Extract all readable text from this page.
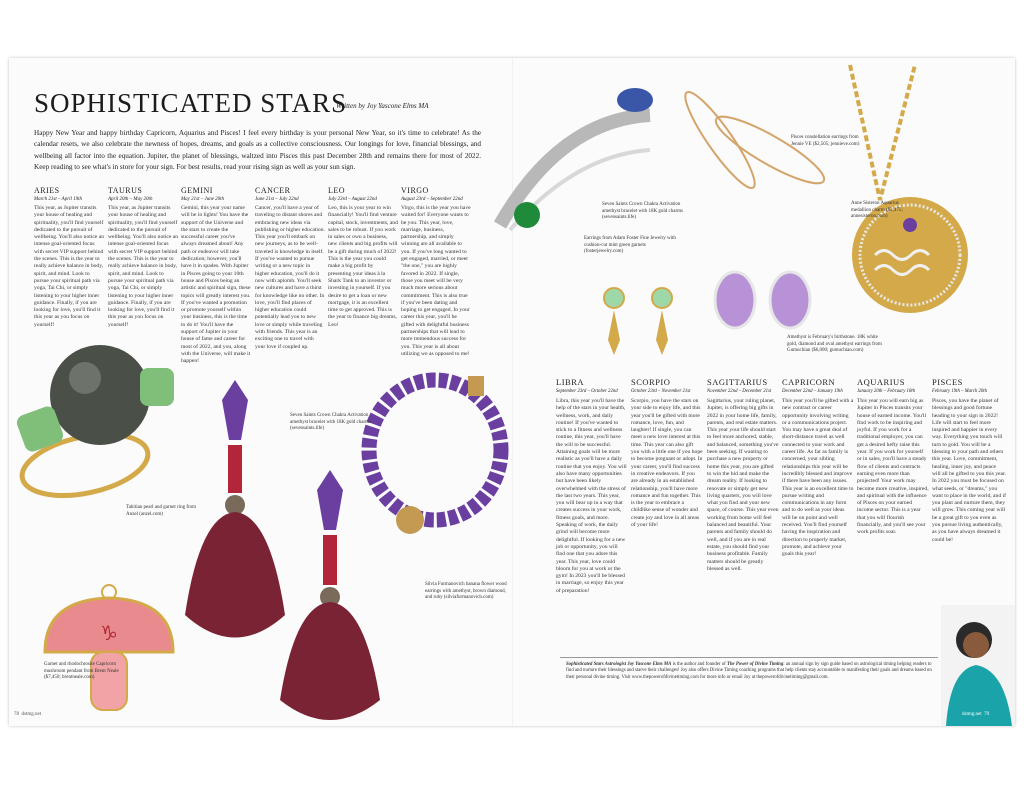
SOPHISTICATED STARS
Written by Joy Yascone Elms MA

Happy New Year and happy birthday Capricorn, Aquarius and Pisces! I feel every birthday is your personal New Year, so it's time to celebrate! As the calendar resets, we also celebrate the newness of hopes, dreams, and goals as a collective consciousness. Our longings for love, financial blessings, and wellbeing all factor into the equation. Jupiter, the planet of blessings, waltzed into Pisces this past December 28th and remains there for most of 2022. Keep reading to see what's in store for your sign. For best results, read your rising sign as well as your sun sign.

ARIES
March 21st – April 19th

This year, as Jupiter transits your house of healing and spirituality, you'll find yourself dedicated to the pursuit of wellbeing. You'll also notice an intense goal-oriented focus with secret VIP support behind the scenes. This is the year to really achieve balance in body, spirit, and mind. Look to pursue your spiritual path via yoga, Tai Chi, or simply listening to your higher inner guidance. Finally, if you are looking for love, you'll find it this year as you focus on yourself!

TAURUS
April 20th – May 20th

This year, as Jupiter transits your house of healing and spirituality, you'll find yourself dedicated to the pursuit of wellbeing. You'll also notice an intense goal-oriented focus with secret VIP support behind the scenes. This is the year to really achieve balance in body, spirit, and mind. Look to pursue your spiritual path via yoga, Tai Chi, or simply listening to your higher inner guidance. Finally, if you are looking for love, you'll find it this year as you focus on yourself!

GEMINI
May 21st – June 20th

Gemini, this year your name will be in lights! You have the support of the Universe and the stars to create the successful career you've always dreamed about! Any path or endeavor will take dedication; however, you'll have it in spades. With Jupiter in Pisces going to your 10th house and Pisces being an artistic and spiritual sign, these topics will greatly interest you. If you've wanted a promotion or promote yourself within your business, this is the time to do it! You'll have the support of Jupiter in your house of fame and career for most of 2022, and you, along with the Universe, will make it happen!

CANCER
June 21st – July 22nd

Cancer, you'll have a year of traveling to distant shores and embracing new ideas via publishing or higher education. This year you'll embark on new journeys, as to be well-traveled is knowledge in itself. If you've wanted to pursue writing or a new topic in higher education, you'll do it now with aplomb. You'll seek new cultures and have a thirst for knowledge like no other. In love, you'll find places of higher education could potentially lead you to new love or simply while traveling with friends. This year is an exciting one to travel with your love if coupled up.

LEO
July 23rd – August 22nd

Leo, this is your year to win financially! You'll find venture capital, stock, investments, and sales to be robust. If you work in sales or own a business, new clients and big profits will be a gift during much of 2022! This is the year you could make a big profit by presenting your ideas à la Shark Tank to an investor or investing in yourself. If you desire to get a loan or new mortgage, it is an excellent time to get approved. This is the year to finance big dreams, Leo!

VIRGO
August 23rd – September 22nd

Virgo, this is the year you have waited for! Everyone wants to be you. This year, love, marriage, business, partnership, and simply winning are all available to you. If you've long wanted to get engaged, married, or meet "the one," you are highly favored in 2022. If single, those you meet will be very much more serious about commitment. This is also true if you've been dating and hoping to get engaged. In your career this year, you'll be gifted with delightful business partnerships that will lead to more tremendous success for you. This year is all about utilizing we as opposed to me!

♑
Seven Saints Crown Chakra Activation amethyst bracelet with 18K gold charms (sevensaints.life)
Earrings from Adam Foster Fine Jewelry with cushion-cut mint green garnets (fosterjewelry.com)
Pisces constellation earrings from Jennie VE ($2,505; jennieve.com)
Anne Sisteron Aquarius medallion charm ($2,475; annesisteron.com)
Amethyst is February's birthstone. 18K white gold, diamond and oval amethyst earrings from Gumuchian ($6,000; gumuchian.com)
Tahitian pearl and garnet ring from Anzel (anzel.com)
Seven Saints Crown Chakra Activation amethyst bracelet with 18K gold charms (sevensaints.life)
Silvia Furmanovich banana flower wood earrings with amethyst, brown diamond, and ruby (silviafurmanovich.com)
Garnet and rhodochrosite Capricorn mushroom pendant from Brent Neale ($7,450; brentneale.com)
LIBRA
September 23rd – October 22nd

Libra, this year you'll have the help of the stars in your health, wellness, work, and daily routine! If you've wanted to stick to a fitness and wellness routine, this year, you'll have the will to be successful. Attaining goals will be more realistic as you'll have a daily routine that you enjoy. You will also have many opportunities but have been likely overwhelmed with the stress of the last two years. This year, you will bear up in a way that creates success in your work, fitness goals, and more. Speaking of work, the daily grind will become more delightful. If looking for a new job or opportunity, you will find one that you adore this year. This year, love could bloom for you at work or the gym! In 2023 you'll be blessed in marriage, so enjoy this year of preparation!

SCORPIO
October 23rd – November 21st

Scorpio, you have the stars on your side to enjoy life, and this year you'll be gifted with more romance, love, fun, and laughter! If single, you can meet a new love interest at this time. This year can also gift you with a little one if you hope to become pregnant or adopt. In your career, you'll find success in creative endeavors. If you are already in an established relationship, you'll have more romance and fun together. This is the year to embrace a childlike sense of wonder and create joy and love in all areas of your life!

SAGITTARIUS
November 22nd – December 21st

Sagittarius, your ruling planet, Jupiter, is offering big gifts in 2022 in your home life, family, parents, and real estate matters. This year your life should start to feel more anchored, stable, and balanced, something you've been seeking. If wanting to purchase a new property or home this year, you are gifted to win the bid and make the dream reality. If looking to renovate or simply get new living quarters, you will love what you find and your new space, of course. This year even working from home will feel balanced and beautiful. Your parents and family should do well, and if you are in real estate, you should find your business profitable. Family matters should be greatly blessed as well.

CAPRICORN
December 22nd – January 19th

This year you'll be gifted with a new contract or career opportunity involving writing or a communications project. You may have a great deal of short-distance travel as well connected to your work and career life. As far as family is concerned, your sibling relationships this year will be incredibly blessed and improve if there have been any issues. This year is an excellent time to pursue writing and communications in any form and to do well as your ideas will be on point and well received. You'll find yourself having the inspiration and direction to properly market, promote, and achieve your goals this year!

AQUARIUS
January 20th – February 18th

This year you will earn big as Jupiter in Pisces transits your house of earned income. You'll find work to be inspiring and joyful. If you work for a traditional employer, you can get a desired hefty raise this year. If you work for yourself or in sales, you'll have a steady flow of clients and contracts earning even more than projected! Your work may become more creative, inspired, and spiritual with the influence of Pisces on your earned income sector. This is a year that you will flourish financially, and you'll see your work profits soar.

PISCES
February 19th – March 20th

Pisces, you have the planet of blessings and good fortune heading to your sign in 2022! Life will start to feel more inspired and happier in every way. Everything you touch will turn to gold. You will be a blessing to your path and others this year. Love, commitment, healing, inner joy, and peace will all be gifted to you this year. In 2022 you must be focused on what seeds, or "dreams," you want to place in the world, and if you plant and nurture them, they will grow. This coming year will be a great gift to you even as you pursue living authentically, as you have always dreamed it could be!

Sophisticated Stars Astrologist Joy Yascone Elms MA is the author and founder of The Power of Divine Timing: an annual sign by sign guide based on astrological timing helping readers to find and nurture their blessings and starve their challenges! Joy also offers Divine Timing coaching programs that help clients stay accountable to manifesting their goals and dreams based on their personal divine timing. Visit www.thepowerofdivinetiming.com for more info or email Joy at thepowerofdivinetiming@gmail.com.
78 dstmg.net	dstmg.net 79
